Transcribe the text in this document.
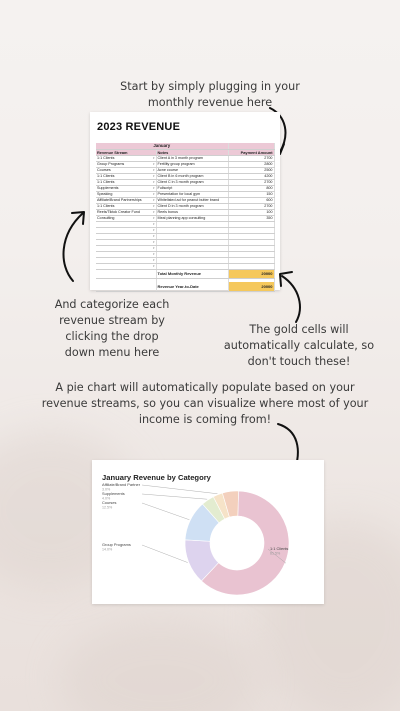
Start by simply plugging in your monthly revenue here
2023 REVENUE
January		
Revenue Stream	Notes	Payment Amount
1:1 Clients ▾	Client A in 3 month program	2700
Group Programs ▾	Fertility group program	2800
Courses ▾	Acne course	2500
1:1 Clients ▾	Client B in 6 month program	4200
1:1 Clients ▾	Client C in 3 month program	2700
Supplements ▾	Fullscript	800
Speaking ▾	Presentation for local gym	150
Affiliate/Brand Partnerships ▾	Whitelisted ad for peanut butter brand	600
1:1 Clients ▾	Client D in 3 month program	2700
Reels/Tiktok Creator Fund ▾	Reels bonus	100
Consulting ▾	Meal planning app consulting	350

▾		

▾		

▾		

▾		

▾		

▾		

▾		

▾		

	Total Monthly Revenue	20000

	Revenue Year-to-Date	20000
And categorize each revenue stream by clicking the drop down menu here
The gold cells will automatically calculate, so don't touch these!
A pie chart will automatically populate based on your revenue streams, so you can visualize where most of your income is coming from!
1:1 Clients
61.5%
Group Programs
14.0%
Courses
12.5%
Supplements
4.0%
Affiliate/Brand Partner
3.0%
January Revenue by Category
